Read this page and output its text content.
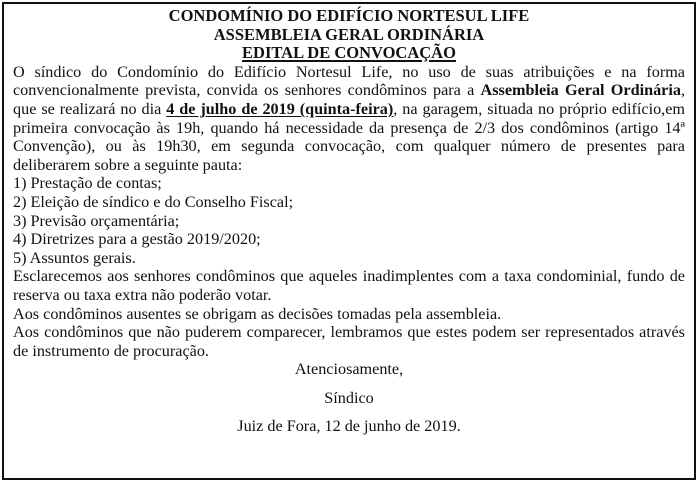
CONDOMÍNIO DO EDIFÍCIO NORTESUL LIFE
ASSEMBLEIA GERAL ORDINÁRIA
EDITAL DE CONVOCAÇÃO

O síndico do Condomínio do Edifício Nortesul Life, no uso de suas atribuições e na forma convencionalmente prevista, convida os senhores condôminos para a Assembleia Geral Ordinária, que se realizará no dia 4 de julho de 2019 (quinta-feira), na garagem, situada no próprio edifício,em primeira convocação às 19h, quando há necessidade da presença de 2/3 dos condôminos (artigo 14ª Convenção), ou às 19h30, em segunda convocação, com qualquer número de presentes para deliberarem sobre a seguinte pauta:

1) Prestação de contas;

2) Eleição de síndico e do Conselho Fiscal;

3) Previsão orçamentária;

4) Diretrizes para a gestão 2019/2020;

5) Assuntos gerais.

Esclarecemos aos senhores condôminos que aqueles inadimplentes com a taxa condominial, fundo de reserva ou taxa extra não poderão votar.

Aos condôminos ausentes se obrigam as decisões tomadas pela assembleia.

Aos condôminos que não puderem comparecer, lembramos que estes podem ser representados através de instrumento de procuração.

Atenciosamente,

Síndico

Juiz de Fora, 12 de junho de 2019.
